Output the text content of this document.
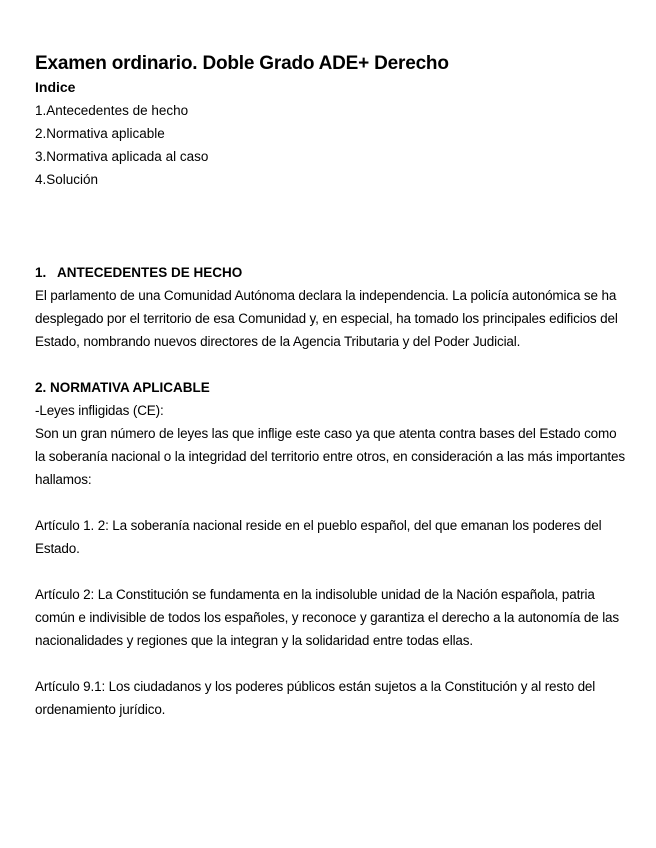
Examen ordinario. Doble Grado ADE+ Derecho
Indice
1.Antecedentes de hecho
2.Normativa aplicable
3.Normativa aplicada al caso
4.Solución
1.   ANTECEDENTES DE HECHO

El parlamento de una Comunidad Autónoma declara la independencia. La policía autonómica se ha desplegado por el territorio de esa Comunidad y, en especial, ha tomado los principales edificios del Estado, nombrando nuevos directores de la Agencia Tributaria y del Poder Judicial.

2. NORMATIVA APLICABLE

-Leyes infligidas (CE):

Son un gran número de leyes las que inflige este caso ya que atenta contra bases del Estado como la soberanía nacional o la integridad del territorio entre otros, en consideración a las más importantes hallamos:

Artículo 1. 2: La soberanía nacional reside en el pueblo español, del que emanan los poderes del Estado.

Artículo 2: La Constitución se fundamenta en la indisoluble unidad de la Nación española, patria común e indivisible de todos los españoles, y reconoce y garantiza el derecho a la autonomía de las nacionalidades y regiones que la integran y la solidaridad entre todas ellas.

Artículo 9.1: Los ciudadanos y los poderes públicos están sujetos a la Constitución y al resto del ordenamiento jurídico.
